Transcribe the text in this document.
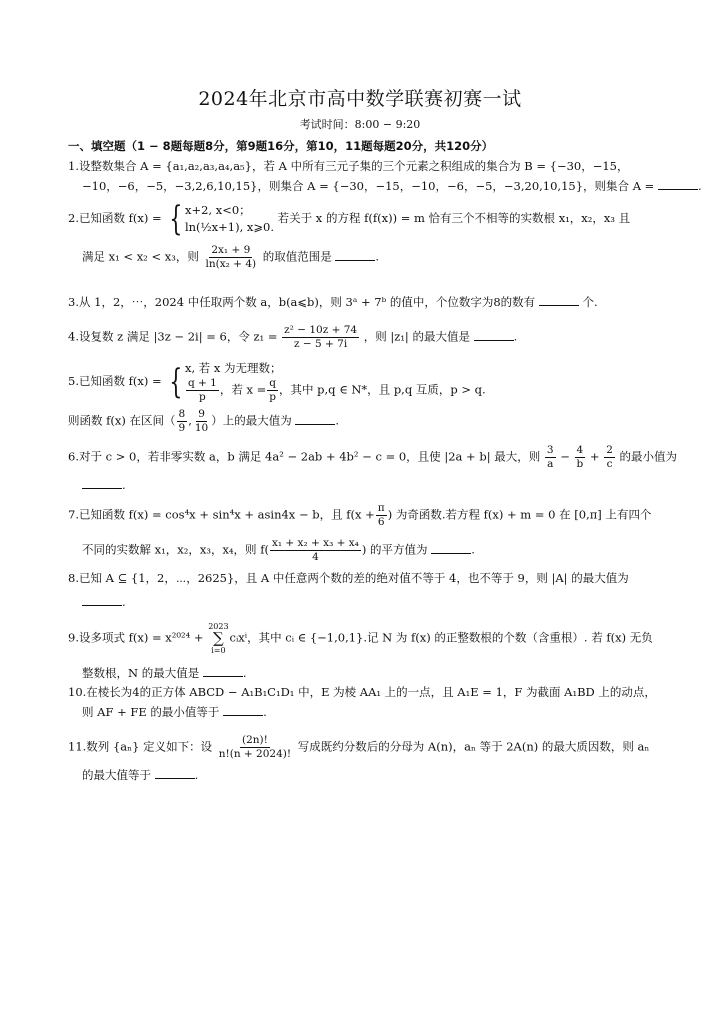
2024年北京市高中数学联赛初赛一试
考试时间：8:00 − 9:20
一、填空题（1 − 8题每题8分，第9题16分，第10，11题每题20分，共120分）
1.设整数集合 A = {a₁,a₂,a₃,a₄,a₅}，若 A 中所有三元子集的三个元素之积组成的集合为 B = {−30，−15，
−10，−6，−5，−3,2,6,10,15}，则集合 A = {−30，−15，−10，−6，−5，−3,20,10,15}，则集合 A =	.
2.已知函数 f(x) = { x+2, x<0；
ln(½x+1), x⩾0.
若关于 x 的方程 f(f(x)) = m 恰有三个不相等的实数根 x₁，x₂，x₃ 且
满足 x₁ < x₂ < x₃，则 $\frac{\text{2x₁ + 9}}{\text{ln(x₂ + 4)}}$ 的取值范围是	.
3.从 1，2，⋯，2024 中任取两个数 a，b(a⩽b)，则 3ᵃ + 7ᵇ 的值中，个位数字为8的数有	个.
4.设复数 z 满足 |3z − 2i| = 6，令 $z_1 = \frac{\text{z² − 10z + 74}}{z - 5 + 7i}$ ，则 |z₁| 的最大值是	.
5.已知函数 f(x) = { x, 若 x 为无理数；
$\frac{q + 1}{p}$ ，若 $x = \frac{q}{p}$ ，其中 p,q ∈ N*，且 p,q 互质，p > q.
则函数 f(x) 在区间（ $\frac{8}{9}$ , $\frac{9}{10}$ ）上的最大值为	.
6.对于 c > 0，若非零实数 a，b 满足 4a² − 2ab + 4b² − c = 0，且使 |2a + b| 最大，则 $\frac{3}{a} - \frac{4}{b} + \frac{2}{c}$ 的最小值为
.
7.已知函数 f(x) = cos⁴x + sin⁴x + asin4x − b，且 $f(x + \frac{\pi}{6}$ ) 为奇函数.若方程 f(x) + m = 0 在 [0,π] 上有四个
不同的实数解 x₁，x₂，x₃，x₄，则 $f( \frac{\text{x₁ + x₂ + x₃ + x₄}}{4}$ ) 的平方值为	.
8.已知 A ⊆ {1，2，⋯，2625}，且 A 中任意两个数的差的绝对值不等于 4，也不等于 9，则 |A| 的最大值为
.
9.设多项式 f(x) = x²⁰²⁴ +
2023
∑
i=0
cᵢxⁱ，其中 cᵢ ∈ {−1,0,1}.记 N 为 f(x) 的正整数根的个数（含重根）. 若 f(x) 无负
整数根，N 的最大值是	.
10.在棱长为4的正方体 ABCD − A₁B₁C₁D₁ 中，E 为棱 AA₁ 上的一点，且 A₁E = 1，F 为截面 A₁BD 上的动点，
则 AF + FE 的最小值等于	.
11.数列 {aₙ} 定义如下：设 $\frac{(2n)!}{n!(n + 2024)!}$ 写成既约分数后的分母为 A(n)，aₙ 等于 2A(n) 的最大质因数，则 aₙ
的最大值等于	.
